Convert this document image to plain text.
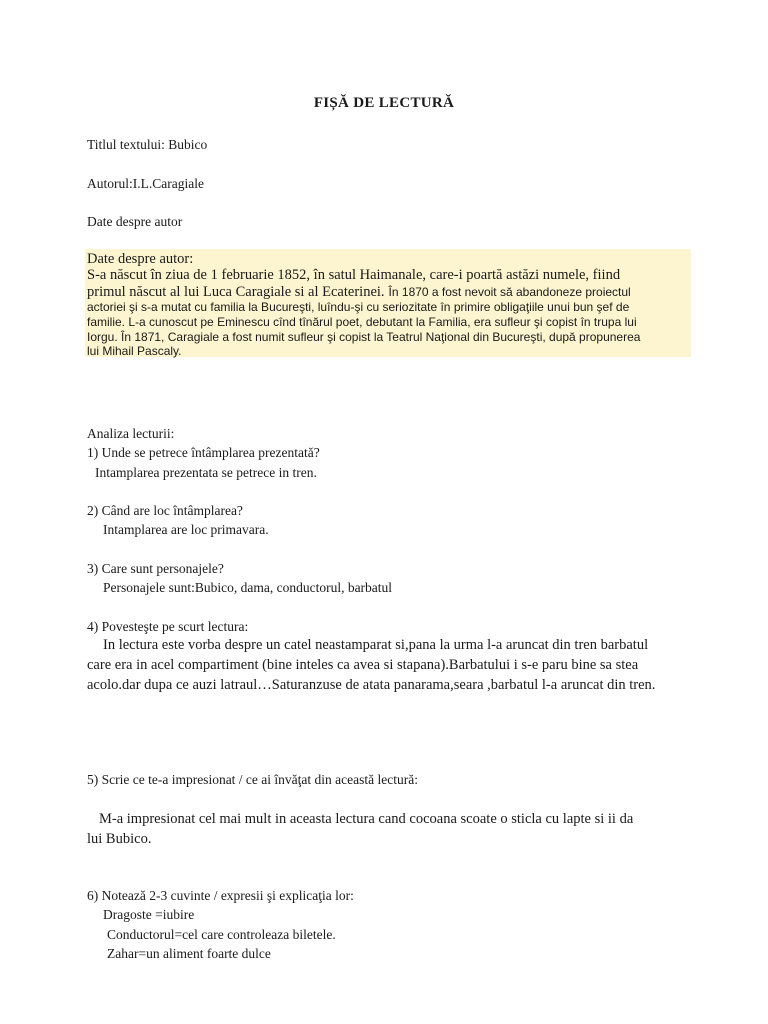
FIȘĂ DE LECTURĂ
Titlul textului: Bubico
Autorul:I.L.Caragiale
Date despre autor
Date despre autor:
S-a născut în ziua de 1 februarie 1852, în satul Haimanale, care-i poartă astăzi numele, fiind
primul născut al lui Luca Caragiale si al Ecaterinei. În 1870 a fost nevoit să abandoneze proiectul
actoriei şi s-a mutat cu familia la Bucureşti, luîndu-şi cu seriozitate în primire obligaţiile unui bun şef de
familie. L-a cunoscut pe Eminescu cînd tînărul poet, debutant la Familia, era sufleur şi copist în trupa lui
Iorgu. În 1871, Caragiale a fost numit sufleur şi copist la Teatrul Naţional din Bucureşti, după propunerea
lui Mihail Pascaly.
Analiza lecturii:
1) Unde se petrece întâmplarea prezentată?
Intamplarea prezentata se petrece in tren.
2) Când are loc întâmplarea?
Intamplarea are loc primavara.
3) Care sunt personajele?
Personajele sunt:Bubico, dama, conductorul, barbatul
4) Povesteşte pe scurt lectura:
In lectura este vorba despre un catel neastamparat si,pana la urma l-a aruncat din tren barbatul
care era in acel compartiment (bine inteles ca avea si stapana).Barbatului i s-e paru bine sa stea
acolo.dar dupa ce auzi latraul…Saturanzuse de atata panarama,seara ,barbatul l-a aruncat din tren.
5) Scrie ce te-a impresionat / ce ai învăţat din această lectură:
M-a impresionat cel mai mult in aceasta lectura cand cocoana scoate o sticla cu lapte si ii da
lui Bubico.
6) Notează 2-3 cuvinte / expresii şi explicaţia lor:
Dragoste =iubire
Conductorul=cel care controleaza biletele.
Zahar=un aliment foarte dulce
